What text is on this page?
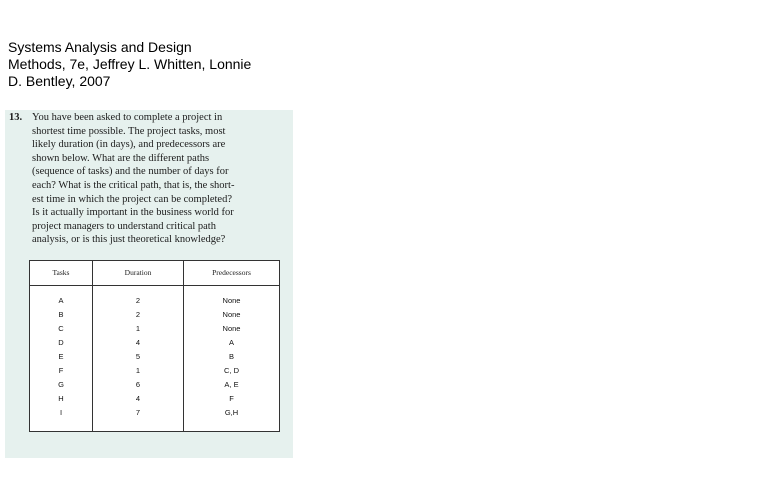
Systems Analysis and Design
Methods, 7e, Jeffrey L. Whitten, Lonnie
D. Bentley, 2007
13. You have been asked to complete a project in
shortest time possible. The project tasks, most
likely duration (in days), and predecessors are
shown below. What are the different paths
(sequence of tasks) and the number of days for
each? What is the critical path, that is, the short-
est time in which the project can be completed?
Is it actually important in the business world for
project managers to understand critical path
analysis, or is this just theoretical knowledge?
Tasks	Duration	Predecessors
A	2	None
B	2	None
C	1	None
D	4	A
E	5	B
F	1	C, D
G	6	A, E
H	4	F
I	7	G,H
